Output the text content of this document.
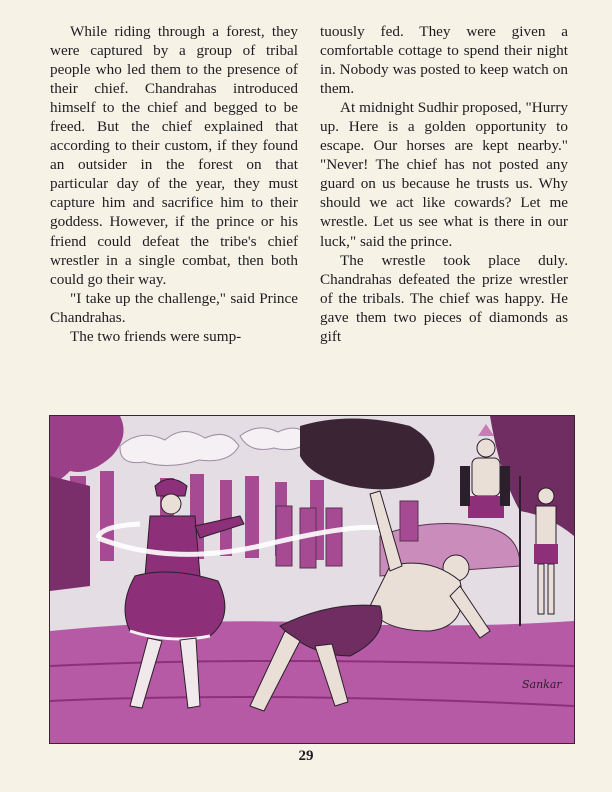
While riding through a forest, they were captured by a group of tribal people who led them to the presence of their chief. Chandrahas introduced himself to the chief and begged to be freed. But the chief explained that according to their custom, if they found an outsider in the forest on that particular day of the year, they must capture him and sacrifice him to their goddess. However, if the prince or his friend could defeat the tribe's chief wrestler in a single combat, then both could go their way.

"I take up the challenge," said Prince Chandrahas.

The two friends were sump-

tuously fed. They were given a comfortable cottage to spend their night in. Nobody was posted to keep watch on them.

At midnight Sudhir proposed, "Hurry up. Here is a golden opportunity to escape. Our horses are kept nearby." "Never! The chief has not posted any guard on us because he trusts us. Why should we act like cowards? Let me wrestle. Let us see what is there in our luck," said the prince.

The wrestle took place duly. Chandrahas defeated the prize wrestler of the tribals. The chief was happy. He gave them two pieces of diamonds as gift

Sankar
29
